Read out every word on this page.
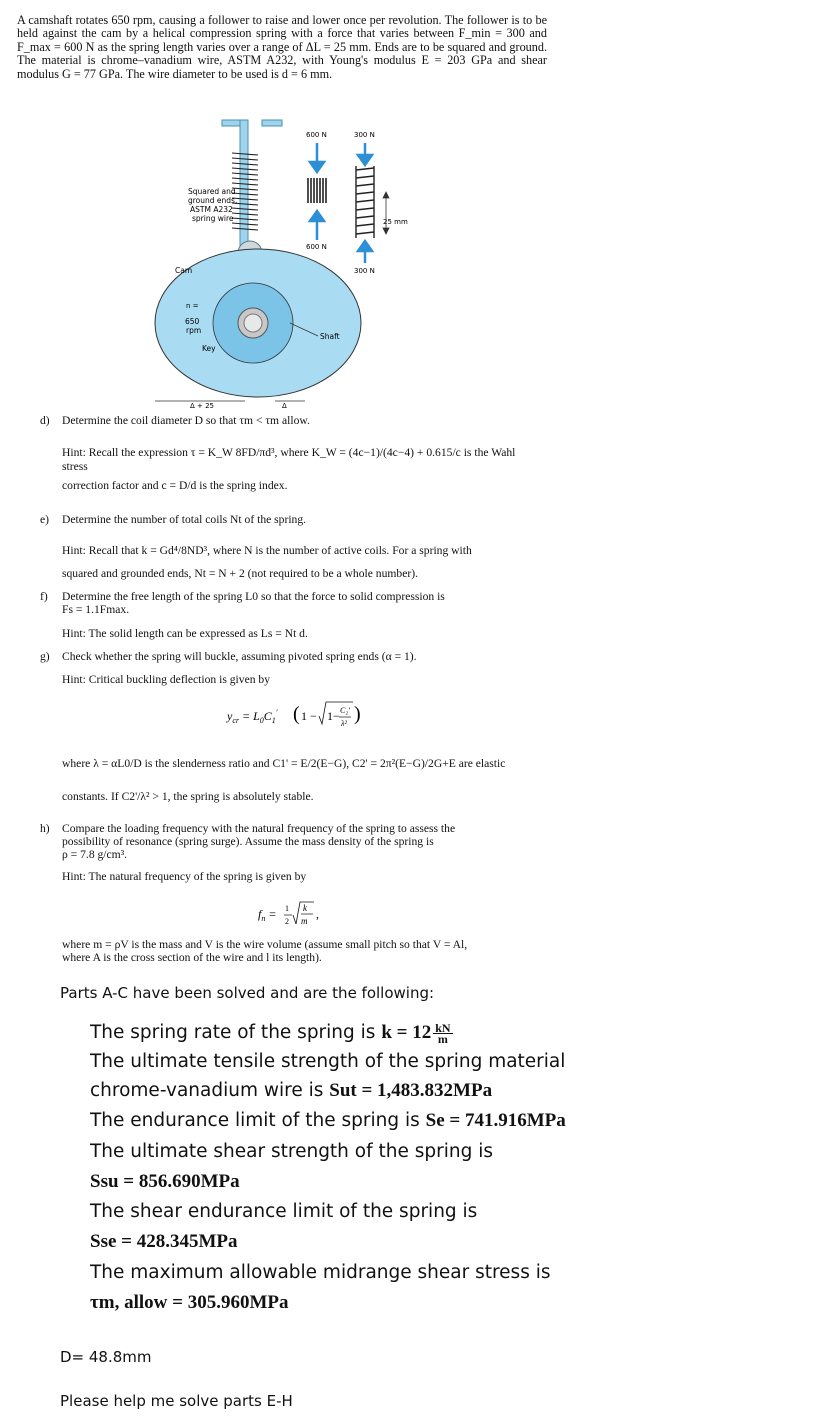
A camshaft rotates 650 rpm, causing a follower to raise and lower once per revolution. The follower is to be held against the cam by a helical compression spring with a force that varies between F_min = 300 and F_max = 600 N as the spring length varies over a range of ΔL = 25 mm. Ends are to be squared and ground. The material is chrome–vanadium wire, ASTM A232, with Young's modulus E = 203 GPa and shear modulus G = 77 GPa. The wire diameter to be used is d = 6 mm.
600 N	300 N
600 N
300 N
25 mm
Squared and
ground ends,
ASTM A232
spring wire
Cam
n =
650
rpm
Key
Shaft
Δ + 25	Δ
d) Determine the coil diameter D so that τm < τm allow.
Hint: Recall the expression τ = K_W 8FD/πd³, where K_W = (4c−1)/(4c−4) + 0.615/c is the Wahl stress
correction factor and c = D/d is the spring index.
e) Determine the number of total coils Nt of the spring.
Hint: Recall that k = Gd⁴/8ND³, where N is the number of active coils. For a spring with
squared and grounded ends, Nt = N + 2 (not required to be a whole number).
f) Determine the free length of the spring L0 so that the force to solid compression is
Fs = 1.1Fmax.
Hint: The solid length can be expressed as Ls = Nt d.
g) Check whether the spring will buckle, assuming pivoted spring ends (α = 1).
Hint: Critical buckling deflection is given by
$y_{cr} = L_0C_1'$ ( 1 − 1− C₂′
λ² )
where λ = αL0/D is the slenderness ratio and C1' = E/2(E−G), C2' = 2π²(E−G)/2G+E are elastic
constants. If C2'/λ² > 1, the spring is absolutely stable.
h) Compare the loading frequency with the natural frequency of the spring to assess the
possibility of resonance (spring surge). Assume the mass density of the spring is
ρ = 7.8 g/cm³.
Hint: The natural frequency of the spring is given by
$f_n = 1$
2
k
m ,
where m = ρV is the mass and V is the wire volume (assume small pitch so that V = Al,
where A is the cross section of the wire and l its length).
Parts A-C have been solved and are the following:
The spring rate of the spring is $k = 12 \frac{kN}{m}$
The ultimate tensile strength of the spring material
chrome-vanadium wire is Sut = 1,483.832MPa
The endurance limit of the spring is Se = 741.916MPa
The ultimate shear strength of the spring is
Ssu = 856.690MPa
The shear endurance limit of the spring is
Sse = 428.345MPa
The maximum allowable midrange shear stress is
τm, allow = 305.960MPa
D= 48.8mm
Please help me solve parts E-H
